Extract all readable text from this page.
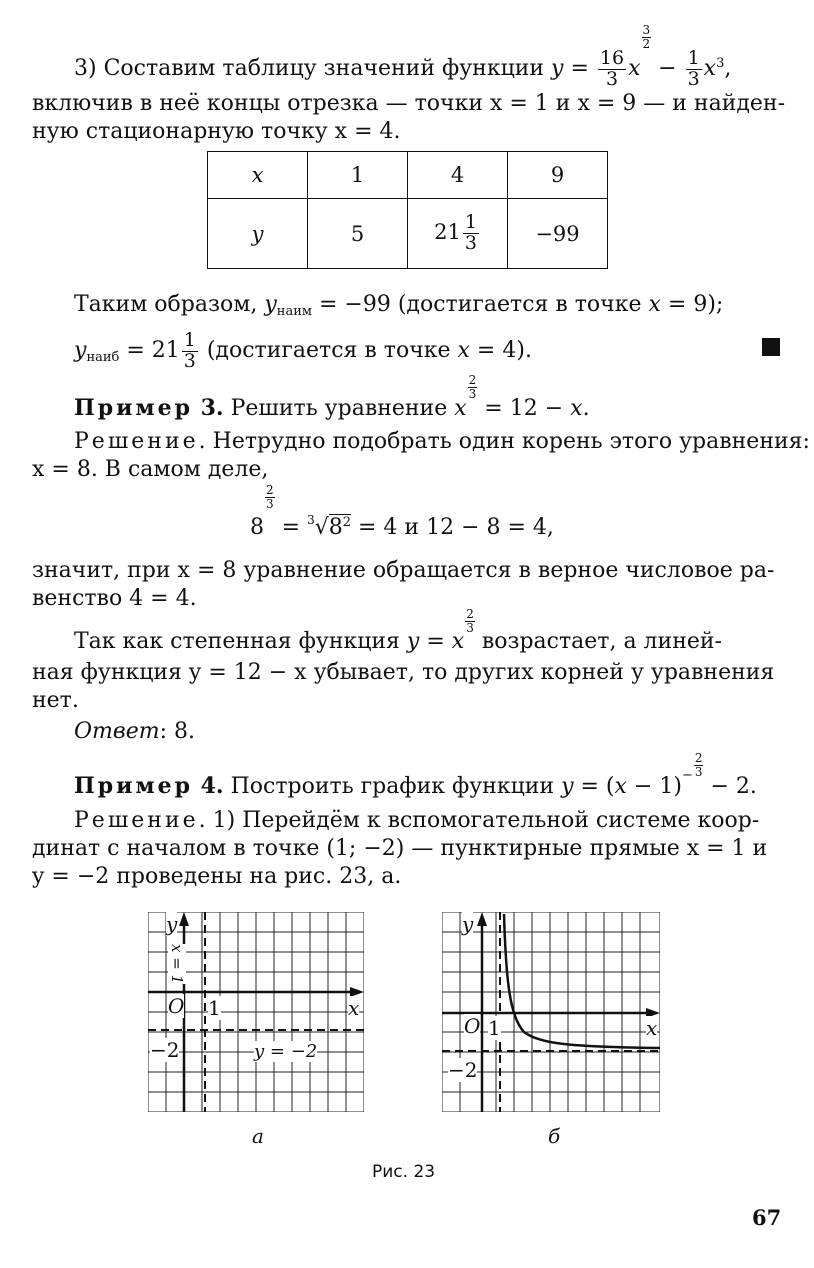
3) Составим таблицу значений функции $y = \frac{16}{3}$ x
$\frac{3}{2}$
− $\frac{1}{3} x^3$,
включив в неё концы отрезка — точки x = 1 и x = 9 — и найден-
ную стационарную точку x = 4.
x	1	4	9
y	5	$21 \frac{1}{3}$	−99
Таким образом, $y_{наим} = -99$ (достигается в точке x = 9);
$y_{наиб} = 21 \frac{1}{3}$ (достигается в точке x = 4).
Пример 3. Решить уравнение x
$\frac{2}{3}$
= 12 − x.
Решение. Нетрудно подобрать один корень этого уравнения:
x = 8. В самом деле,
8
$\frac{2}{3}$
= $^3√8^2 = 4$ и 12 − 8 = 4,
значит, при x = 8 уравнение обращается в верное числовое ра-
венство 4 = 4.
Так как степенная функция y = x
$\frac{2}{3}$
возрастает, а линей-
ная функция y = 12 − x убывает, то других корней у уравнения
нет.
Ответ: 8.
Пример 4. Построить график функции $y = (x - 1)^- \frac{2}{3}$
− 2.
Решение. 1) Перейдём к вспомогательной системе коор-
динат с началом в точке (1; −2) — пунктирные прямые x = 1 и
y = −2 проведены на рис. 23, а.
y
x
O 1
−2
x = 1
y = −2
а
y
x
O 1
−2
б
Рис. 23
67
